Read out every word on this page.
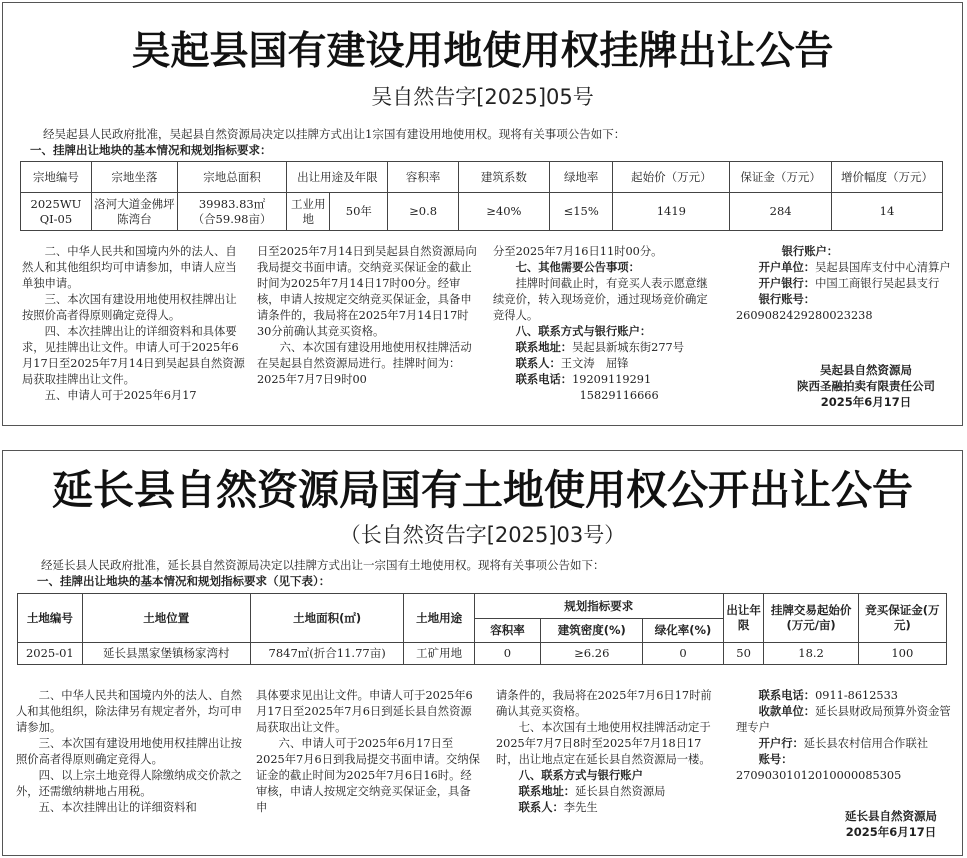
吴起县国有建设用地使用权挂牌出让公告
吴自然告字[2025]05号
经吴起县人民政府批准，吴起县自然资源局决定以挂牌方式出让1宗国有建设用地使用权。现将有关事项公告如下：
一、挂牌出让地块的基本情况和规划指标要求：
宗地编号	宗地坐落	宗地总面积	出让用途及年限		容积率	建筑系数	绿地率	起始价（万元）	保证金（万元）	增价幅度（万元）
2025WU QI-05	洛河大道金佛坪陈湾台	39983.83㎡
（合59.98亩）	工业用地	50年	≥0.8	≥40%	≤15%	1419	284	14

二、中华人民共和国境内外的法人、自然人和其他组织均可申请参加，申请人应当单独申请。

三、本次国有建设用地使用权挂牌出让按照价高者得原则确定竞得人。

四、本次挂牌出让的详细资料和具体要求，见挂牌出让文件。申请人可于2025年6月17日至2025年7月14日到吴起县自然资源局获取挂牌出让文件。

五、申请人可于2025年6月17

日至2025年7月14日到吴起县自然资源局向我局提交书面申请。交纳竞买保证金的截止时间为2025年7月14日17时00分。经审核，申请人按规定交纳竞买保证金，具备申请条件的，我局将在2025年7月14日17时30分前确认其竞买资格。

六、本次国有建设用地使用权挂牌活动在吴起县自然资源局进行。挂牌时间为：2025年7月7日9时00

分至2025年7月16日11时00分。

七、其他需要公告事项：

挂牌时间截止时，有竞买人表示愿意继续竞价，转入现场竞价，通过现场竞价确定竞得人。

八、联系方式与银行账户：

联系地址：吴起县新城东街277号

联系人：王文涛　屈锋

联系电话：19209119291

15829116666

银行账户：

开户单位：吴起县国库支付中心清算户

开户银行：中国工商银行吴起县支行

银行账号：2609082429280023238

吴起县自然资源局
陕西圣融拍卖有限责任公司
2025年6月17日
延长县自然资源局国有土地使用权公开出让公告
（长自然资告字[2025]03号）
经延长县人民政府批准，延长县自然资源局决定以挂牌方式出让一宗国有土地使用权。现将有关事项公告如下：
一、挂牌出让地块的基本情况和规划指标要求（见下表）：
土地编号	土地位置	土地面积(㎡)	土地用途	规划指标要求			出让年限	挂牌交易起始价(万元/亩)	竞买保证金(万元)
				容积率	建筑密度(%)	绿化率(%)			
2025-01	延长县黑家堡镇杨家湾村	7847㎡(折合11.77亩)	工矿用地	0	≥6.26	0	50	18.2	100

二、中华人民共和国境内外的法人、自然人和其他组织，除法律另有规定者外，均可申请参加。

三、本次国有建设用地使用权挂牌出让按照价高者得原则确定竞得人。

四、以上宗土地竞得人除缴纳成交价款之外，还需缴纳耕地占用税。

五、本次挂牌出让的详细资料和

具体要求见出让文件。申请人可于2025年6月17日至2025年7月6日到延长县自然资源局获取出让文件。

六、申请人可于2025年6月17日至2025年7月6日到我局提交书面申请。交纳保证金的截止时间为2025年7月6日16时。经审核，申请人按规定交纳竞买保证金，具备申

请条件的，我局将在2025年7月6日17时前确认其竞买资格。

七、本次国有土地使用权挂牌活动定于2025年7月7日8时至2025年7月18日17时，出让地点定在延长县自然资源局一楼。

八、联系方式与银行账户

联系地址：延长县自然资源局

联系人：李先生

联系电话：0911-8612533

收款单位：延长县财政局预算外资金管理专户

开户行：延长县农村信用合作联社

账号：27090301012010000085305

延长县自然资源局
2025年6月17日
